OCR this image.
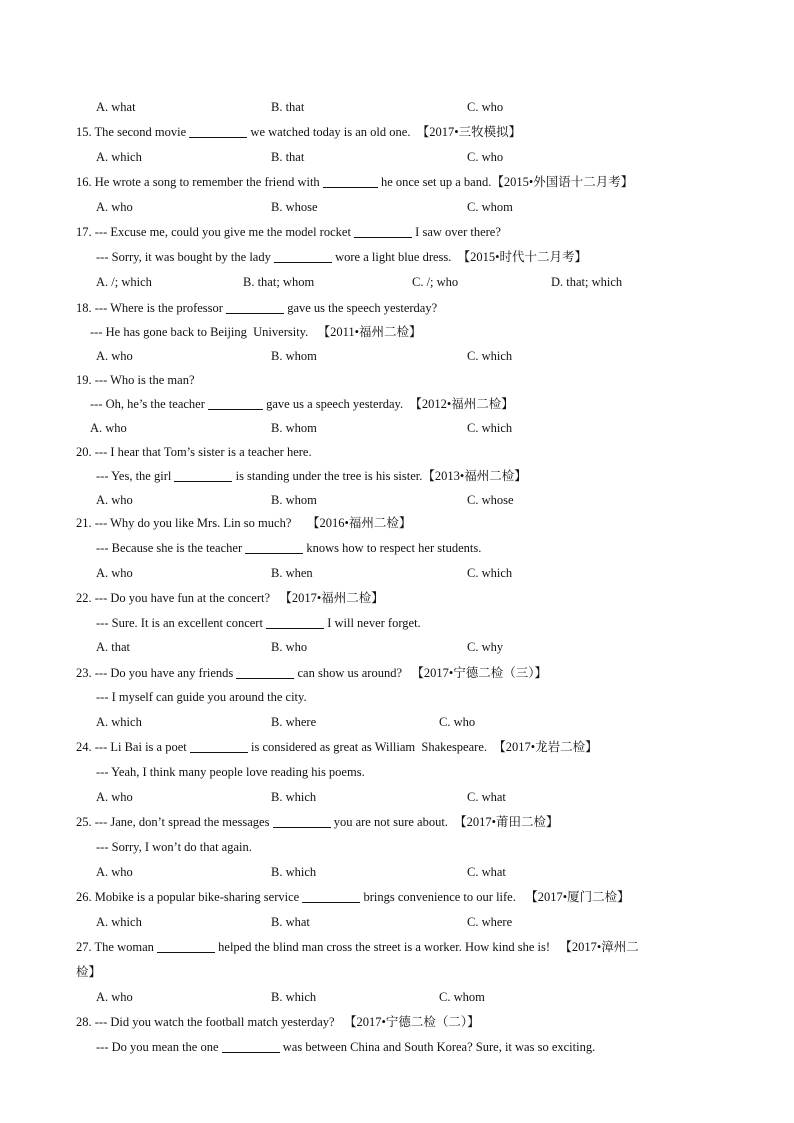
A. what	B. that	C. who
15. The second movie	we watched today is an old one.  【2017•三牧模拟】
A. which	B. that	C. who
16. He wrote a song to remember the friend with	he once set up a band.【2015•外国语十二月考】
A. who	B. whose	C. whom
17. --- Excuse me, could you give me the model rocket	I saw over there?
--- Sorry, it was bought by the lady	wore a light blue dress.  【2015•时代十二月考】
A. /; which	B. that; whom	C. /; who	D. that; which
18. --- Where is the professor	gave us the speech yesterday?
--- He has gone back to Beijing  University.   【2011•福州二检】
A. who	B. whom	C. which
19. --- Who is the man?
--- Oh, he’s the teacher	gave us a speech yesterday.  【2012•福州二检】
A. who	B. whom	C. which
20. --- I hear that Tom’s sister is a teacher here.
--- Yes, the girl	is standing under the tree is his sister.【2013•福州二检】
A. who	B. whom	C. whose
21. --- Why do you like Mrs. Lin so much?     【2016•福州二检】
--- Because she is the teacher	knows how to respect her students.
A. who	B. when	C. which
22. --- Do you have fun at the concert?   【2017•福州二检】
--- Sure. It is an excellent concert	I will never forget.
A. that	B. who	C. why
23. --- Do you have any friends	can show us around?   【2017•宁德二检（三）】
--- I myself can guide you around the city.
A. which	B. where	C. who
24. --- Li Bai is a poet	is considered as great as William  Shakespeare.  【2017•龙岩二检】
--- Yeah, I think many people love reading his poems.
A. who	B. which	C. what
25. --- Jane, don’t spread the messages	you are not sure about.  【2017•莆田二检】
--- Sorry, I won’t do that again.
A. who	B. which	C. what
26. Mobike is a popular bike-sharing service	brings convenience to our life.   【2017•厦门二检】
A. which	B. what	C. where
27. The woman	helped the blind man cross the street is a worker. How kind she is!   【2017•漳州二
检】
A. who	B. which	C. whom
28. --- Did you watch the football match yesterday?   【2017•宁德二检（二）】
--- Do you mean the one	was between China and South Korea? Sure, it was so exciting.
